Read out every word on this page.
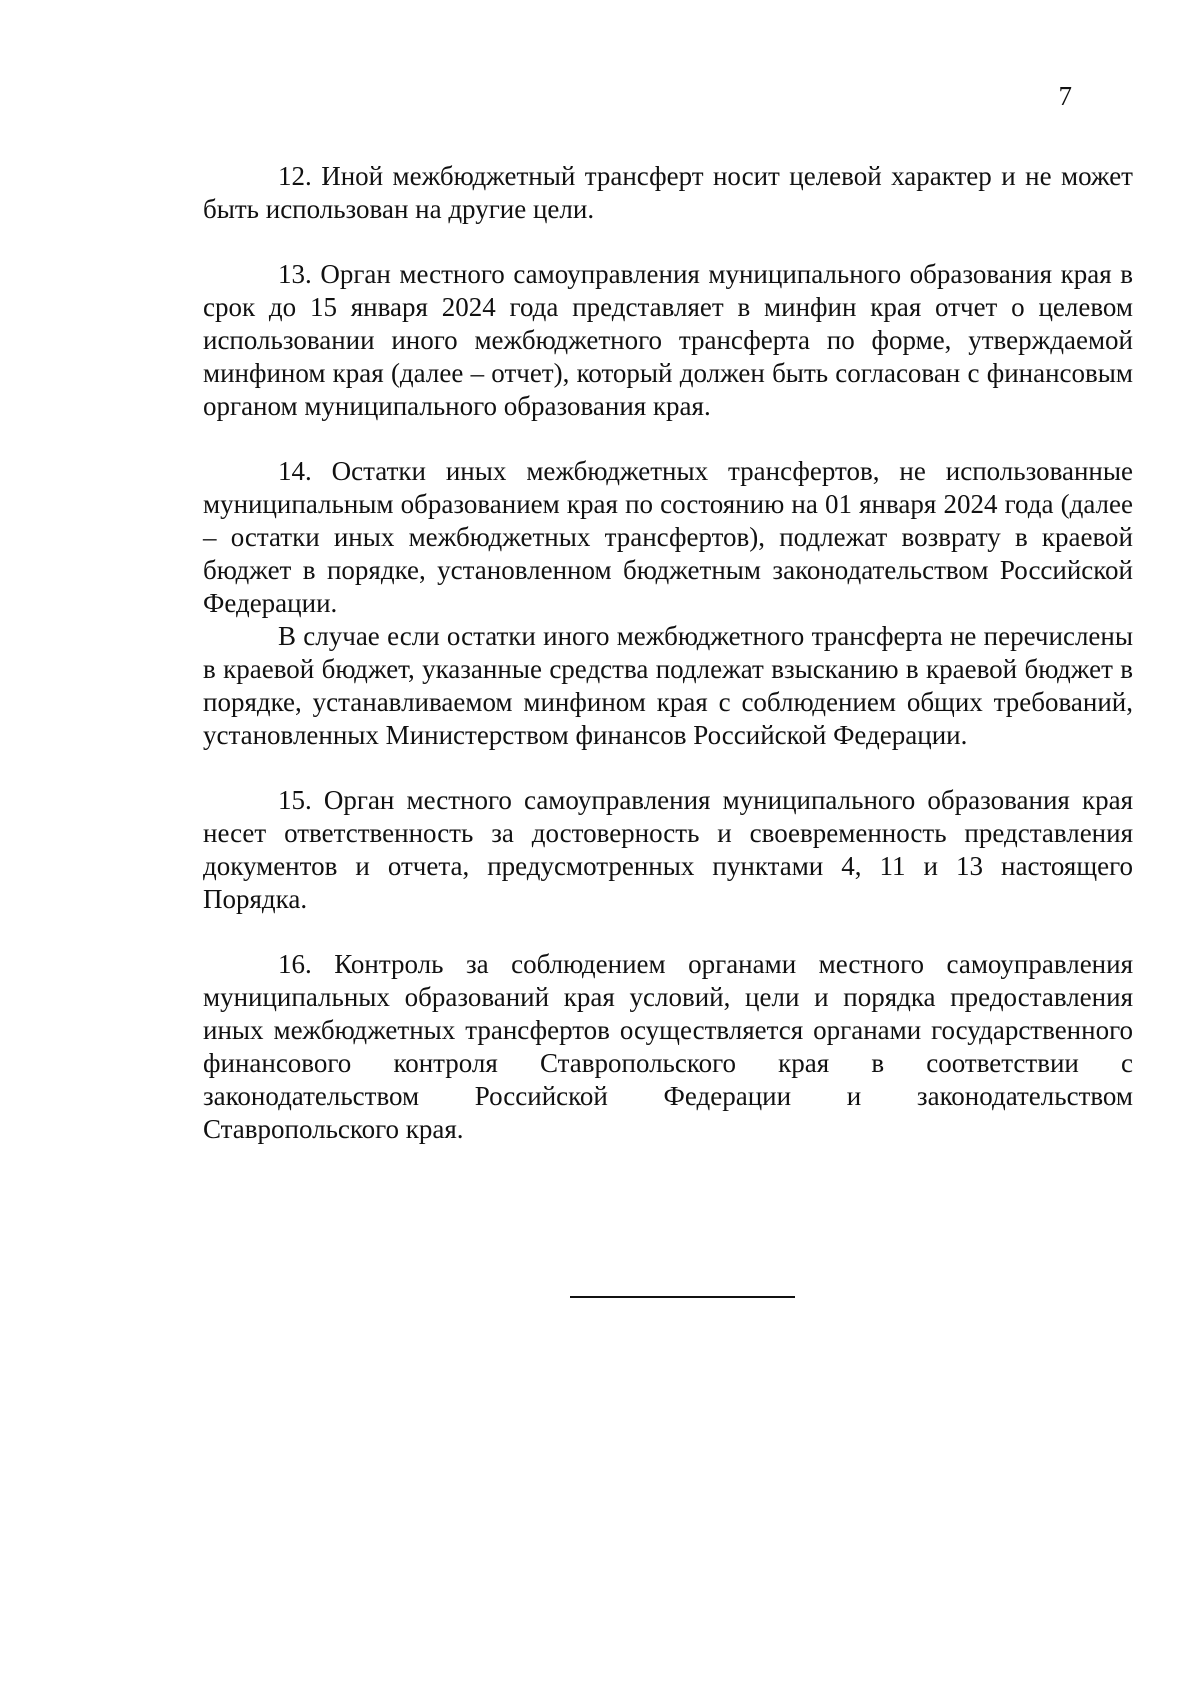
7

12. Иной межбюджетный трансферт носит целевой характер и не может быть использован на другие цели.

13. Орган местного самоуправления муниципального образования края в срок до 15 января 2024 года представляет в минфин края отчет о целевом использовании иного межбюджетного трансферта по форме, утверждаемой минфином края (далее – отчет), который должен быть согласован с финансовым органом муниципального образования края.

14. Остатки иных межбюджетных трансфертов, не использованные муниципальным образованием края по состоянию на 01 января 2024 года (далее – остатки иных межбюджетных трансфертов), подлежат возврату в краевой бюджет в порядке, установленном бюджетным законодательством Российской Федерации.

В случае если остатки иного межбюджетного трансферта не перечислены в краевой бюджет, указанные средства подлежат взысканию в краевой бюджет в порядке, устанавливаемом минфином края с соблюдением общих требований, установленных Министерством финансов Российской Федерации.

15. Орган местного самоуправления муниципального образования края несет ответственность за достоверность и своевременность представления документов и отчета, предусмотренных пунктами 4, 11 и 13 настоящего Порядка.

16. Контроль за соблюдением органами местного самоуправления муниципальных образований края условий, цели и порядка предоставления иных межбюджетных трансфертов осуществляется органами государственного финансового контроля Ставропольского края в соответствии с законодательством Российской Федерации и законодательством Ставропольского края.
